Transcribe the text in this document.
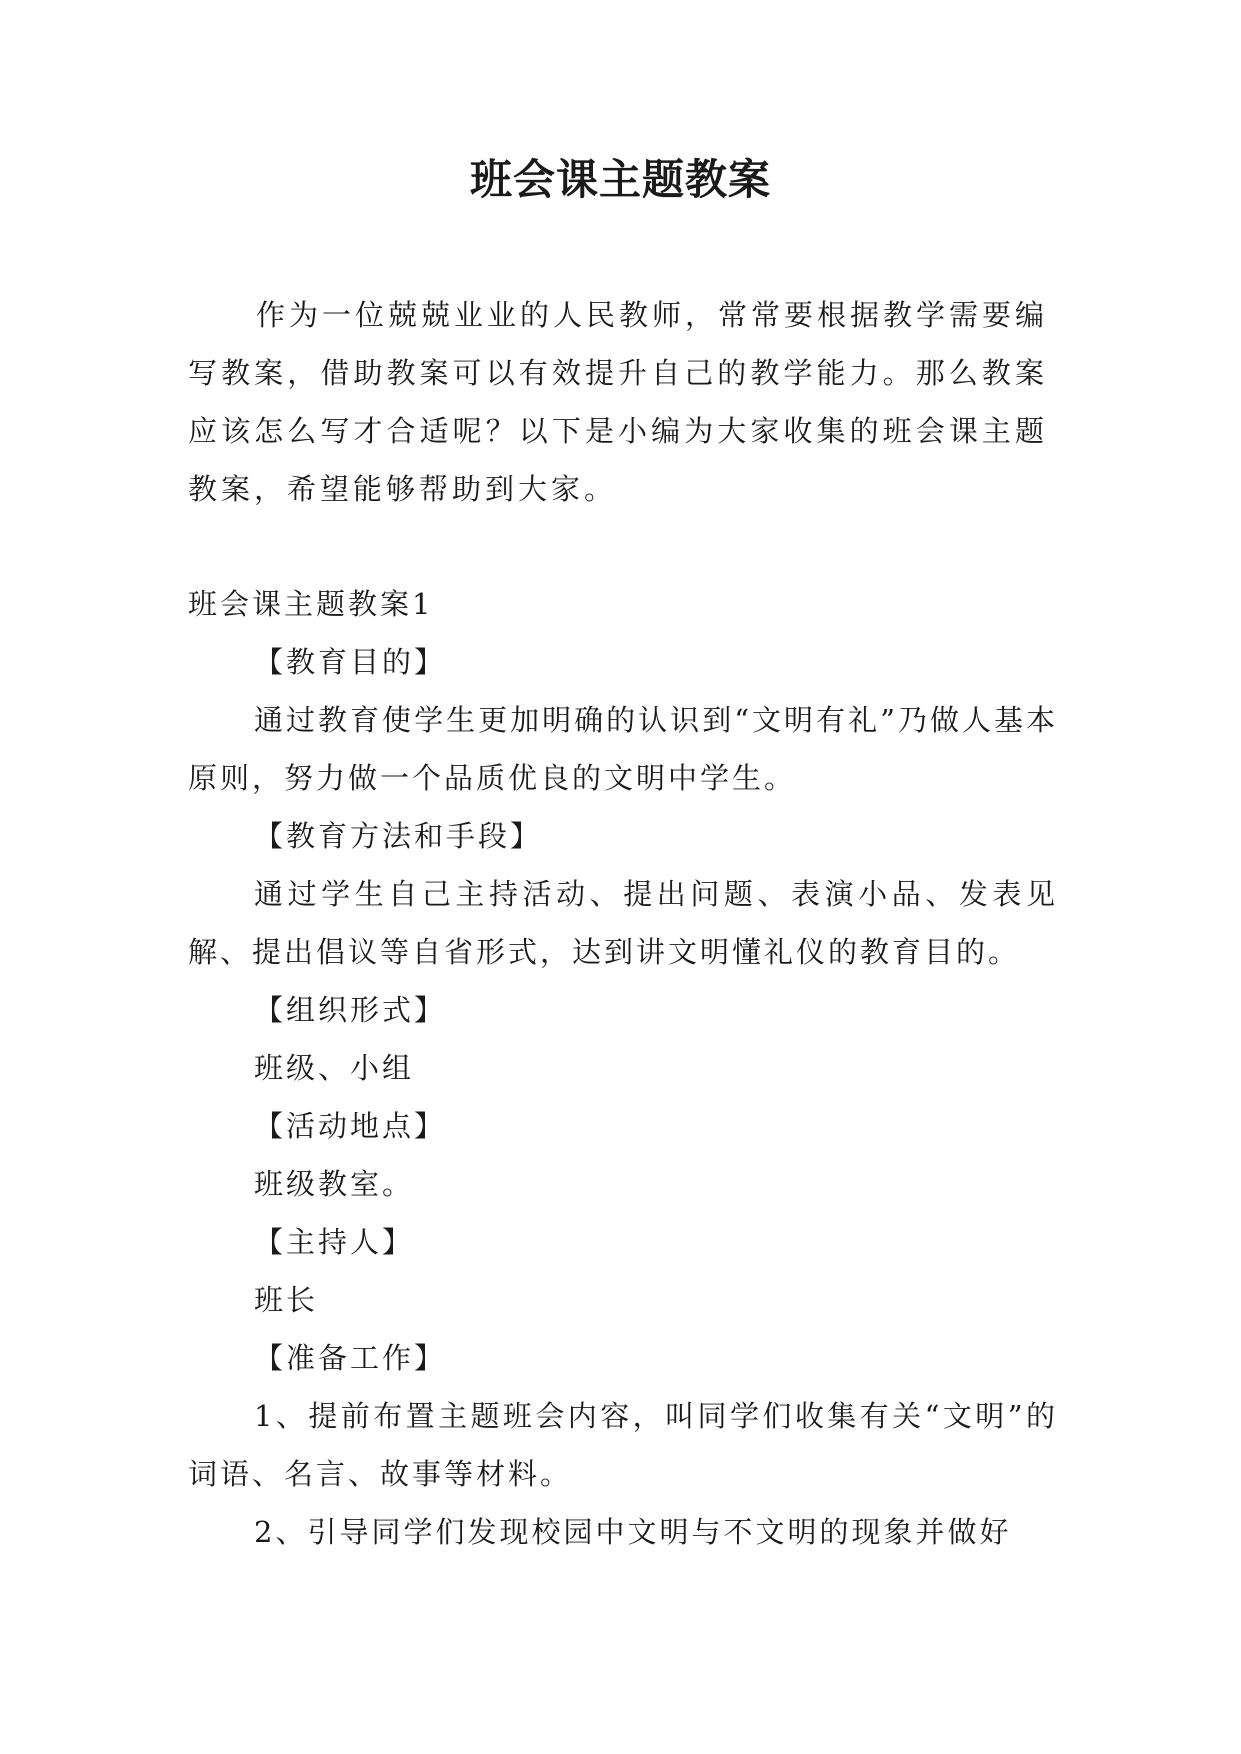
班会课主题教案

作为一位兢兢业业的人民教师，常常要根据教学需要编写教案，借助教案可以有效提升自己的教学能力。那么教案应该怎么写才合适呢？以下是小编为大家收集的班会课主题教案，希望能够帮助到大家。

班会课主题教案1

【教育目的】

通过教育使学生更加明确的认识到“文明有礼”乃做人基本原则，努力做一个品质优良的文明中学生。

【教育方法和手段】

通过学生自己主持活动、提出问题、表演小品、发表见解、提出倡议等自省形式，达到讲文明懂礼仪的教育目的。

【组织形式】

班级、小组

【活动地点】

班级教室。

【主持人】

班长

【准备工作】

1、提前布置主题班会内容，叫同学们收集有关“文明”的词语、名言、故事等材料。

2、引导同学们发现校园中文明与不文明的现象并做好
